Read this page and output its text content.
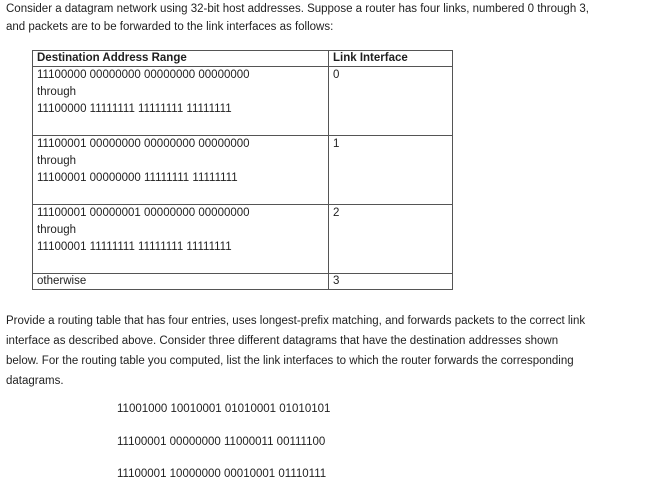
Consider a datagram network using 32-bit host addresses. Suppose a router has four links, numbered 0 through 3,
and packets are to be forwarded to the link interfaces as follows:
Destination Address Range	Link Interface

11100000 00000000 00000000 00000000
through
11100000 11111111 11111111 11111111	0

11100001 00000000 00000000 00000000
through
11100001 00000000 11111111 11111111	1

11100001 00000001 00000000 00000000
through
11100001 11111111 11111111 11111111	2

otherwise	3
Provide a routing table that has four entries, uses longest-prefix matching, and forwards packets to the correct link
interface as described above. Consider three different datagrams that have the destination addresses shown
below. For the routing table you computed, list the link interfaces to which the router forwards the corresponding
datagrams.
11001000 10010001 01010001 01010101
11100001 00000000 11000011 00111100
11100001 10000000 00010001 01110111
